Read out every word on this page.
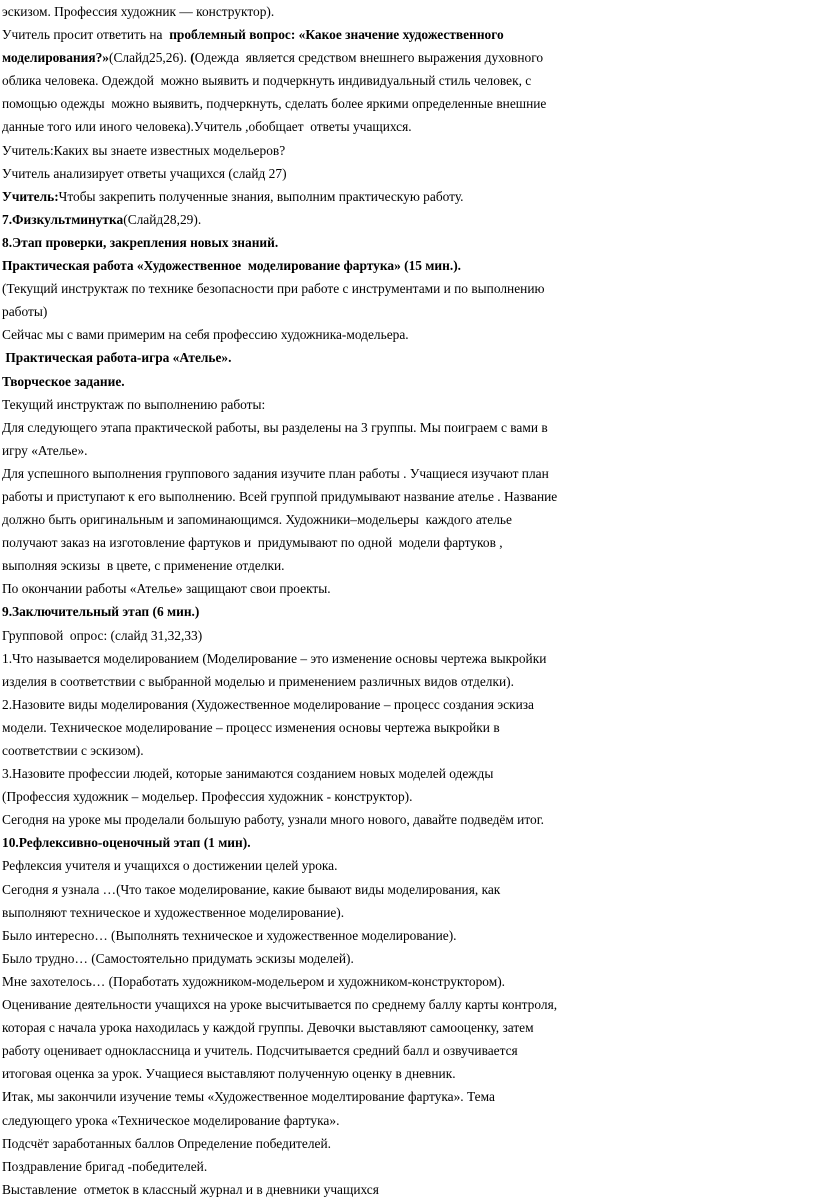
эскизом. Профессия художник — конструктор).
Учитель просит ответить на  проблемный вопрос: «Какое значение художественного
моделирования?»(Слайд25,26). (Одежда  является средством внешнего выражения духовного
облика человека. Одеждой  можно выявить и подчеркнуть индивидуальный стиль человек, с
помощью одежды  можно выявить, подчеркнуть, сделать более яркими определенные внешние
данные того или иного человека).Учитель ,обобщает  ответы учащихся.
Учитель:Каких вы знаете известных модельеров?
Учитель анализирует ответы учащихся (слайд 27)
Учитель:Чтобы закрепить полученные знания, выполним практическую работу.
7.Физкультминутка(Слайд28,29).
8.Этап проверки, закрепления новых знаний.
Практическая работа «Художественное  моделирование фартука» (15 мин.).
(Текущий инструктаж по технике безопасности при работе с инструментами и по выполнению
работы)
Сейчас мы с вами примерим на себя профессию художника-модельера.
Практическая работа-игра «Ателье».
Творческое задание.
Текущий инструктаж по выполнению работы:
Для следующего этапа практической работы, вы разделены на 3 группы. Мы поиграем с вами в
игру «Ателье».
Для успешного выполнения группового задания изучите план работы . Учащиеся изучают план
работы и приступают к его выполнению. Всей группой придумывают название ателье . Название
должно быть оригинальным и запоминающимся. Художники–модельеры  каждого ателье
получают заказ на изготовление фартуков и  придумывают по одной  модели фартуков ,
выполняя эскизы  в цвете, с применение отделки.
По окончании работы «Ателье» защищают свои проекты.
9.Заключительный этап (6 мин.)
Групповой  опрос: (слайд 31,32,33)
1.Что называется моделированием (Моделирование – это изменение основы чертежа выкройки
изделия в соответствии с выбранной моделью и применением различных видов отделки).
2.Назовите виды моделирования (Художественное моделирование – процесс создания эскиза
модели. Техническое моделирование – процесс изменения основы чертежа выкройки в
соответствии с эскизом).
3.Назовите профессии людей, которые занимаются созданием новых моделей одежды
(Профессия художник – модельер. Профессия художник - конструктор).
Сегодня на уроке мы проделали большую работу, узнали много нового, давайте подведём итог.
10.Рефлексивно-оценочный этап (1 мин).
Рефлексия учителя и учащихся о достижении целей урока.
Сегодня я узнала …(Что такое моделирование, какие бывают виды моделирования, как
выполняют техническое и художественное моделирование).
Было интересно… (Выполнять техническое и художественное моделирование).
Было трудно… (Самостоятельно придумать эскизы моделей).
Мне захотелось… (Поработать художником-модельером и художником-конструктором).
Оценивание деятельности учащихся на уроке высчитывается по среднему баллу карты контроля,
которая с начала урока находилась у каждой группы. Девочки выставляют самооценку, затем
работу оценивает одноклассница и учитель. Подсчитывается средний балл и озвучивается
итоговая оценка за урок. Учащиеся выставляют полученную оценку в дневник.
Итак, мы закончили изучение темы «Художественное моделтирование фартука». Тема
следующего урока «Техническое моделирование фартука».
Подсчёт заработанных баллов Определение победителей.
Поздравление бригад -победителей.
Выставление  отметок в классный журнал и в дневники учащихся
